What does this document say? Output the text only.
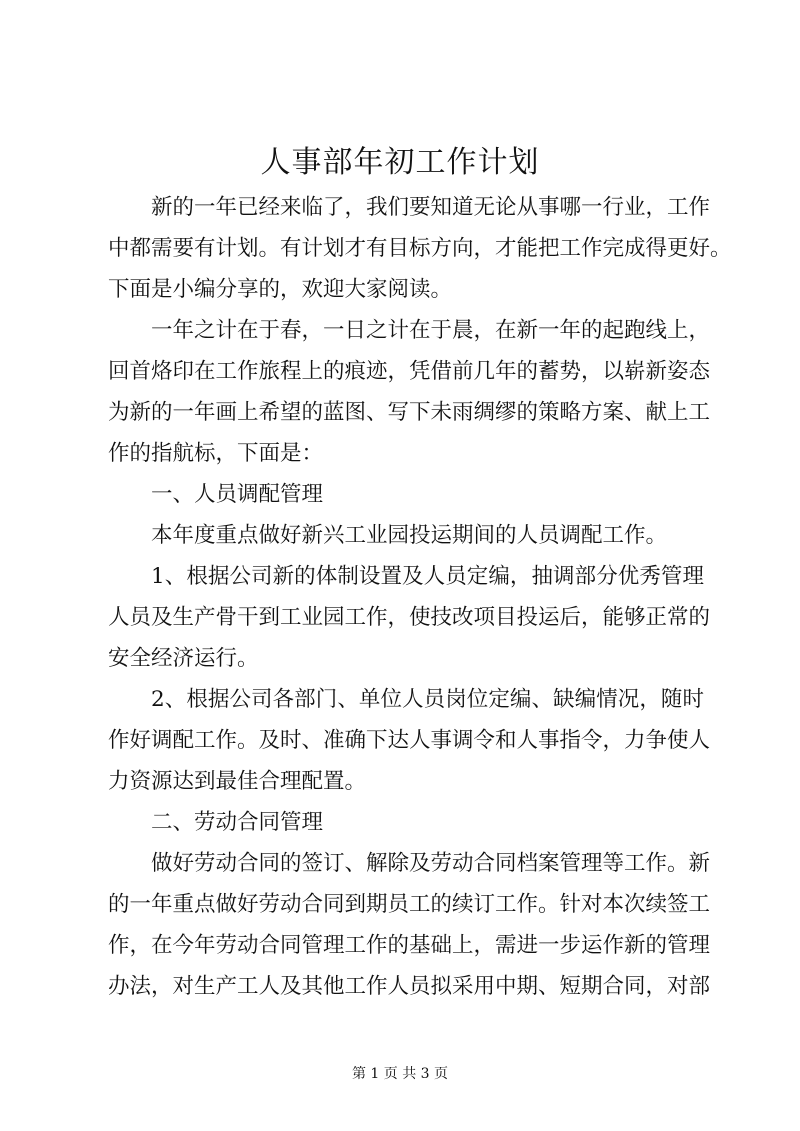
人事部年初工作计划
新的一年已经来临了，我们要知道无论从事哪一行业，工作
中都需要有计划。有计划才有目标方向，才能把工作完成得更好。
下面是小编分享的，欢迎大家阅读。
一年之计在于春，一日之计在于晨，在新一年的起跑线上，
回首烙印在工作旅程上的痕迹，凭借前几年的蓄势，以崭新姿态
为新的一年画上希望的蓝图、写下未雨绸缪的策略方案、献上工
作的指航标，下面是：
一、人员调配管理
本年度重点做好新兴工业园投运期间的人员调配工作。
1、根据公司新的体制设置及人员定编，抽调部分优秀管理
人员及生产骨干到工业园工作，使技改项目投运后，能够正常的
安全经济运行。
2、根据公司各部门、单位人员岗位定编、缺编情况，随时
作好调配工作。及时、准确下达人事调令和人事指令，力争使人
力资源达到最佳合理配置。
二、劳动合同管理
做好劳动合同的签订、解除及劳动合同档案管理等工作。新
的一年重点做好劳动合同到期员工的续订工作。针对本次续签工
作，在今年劳动合同管理工作的基础上，需进一步运作新的管理
办法，对生产工人及其他工作人员拟采用中期、短期合同，对部
第 1 页 共 3 页
